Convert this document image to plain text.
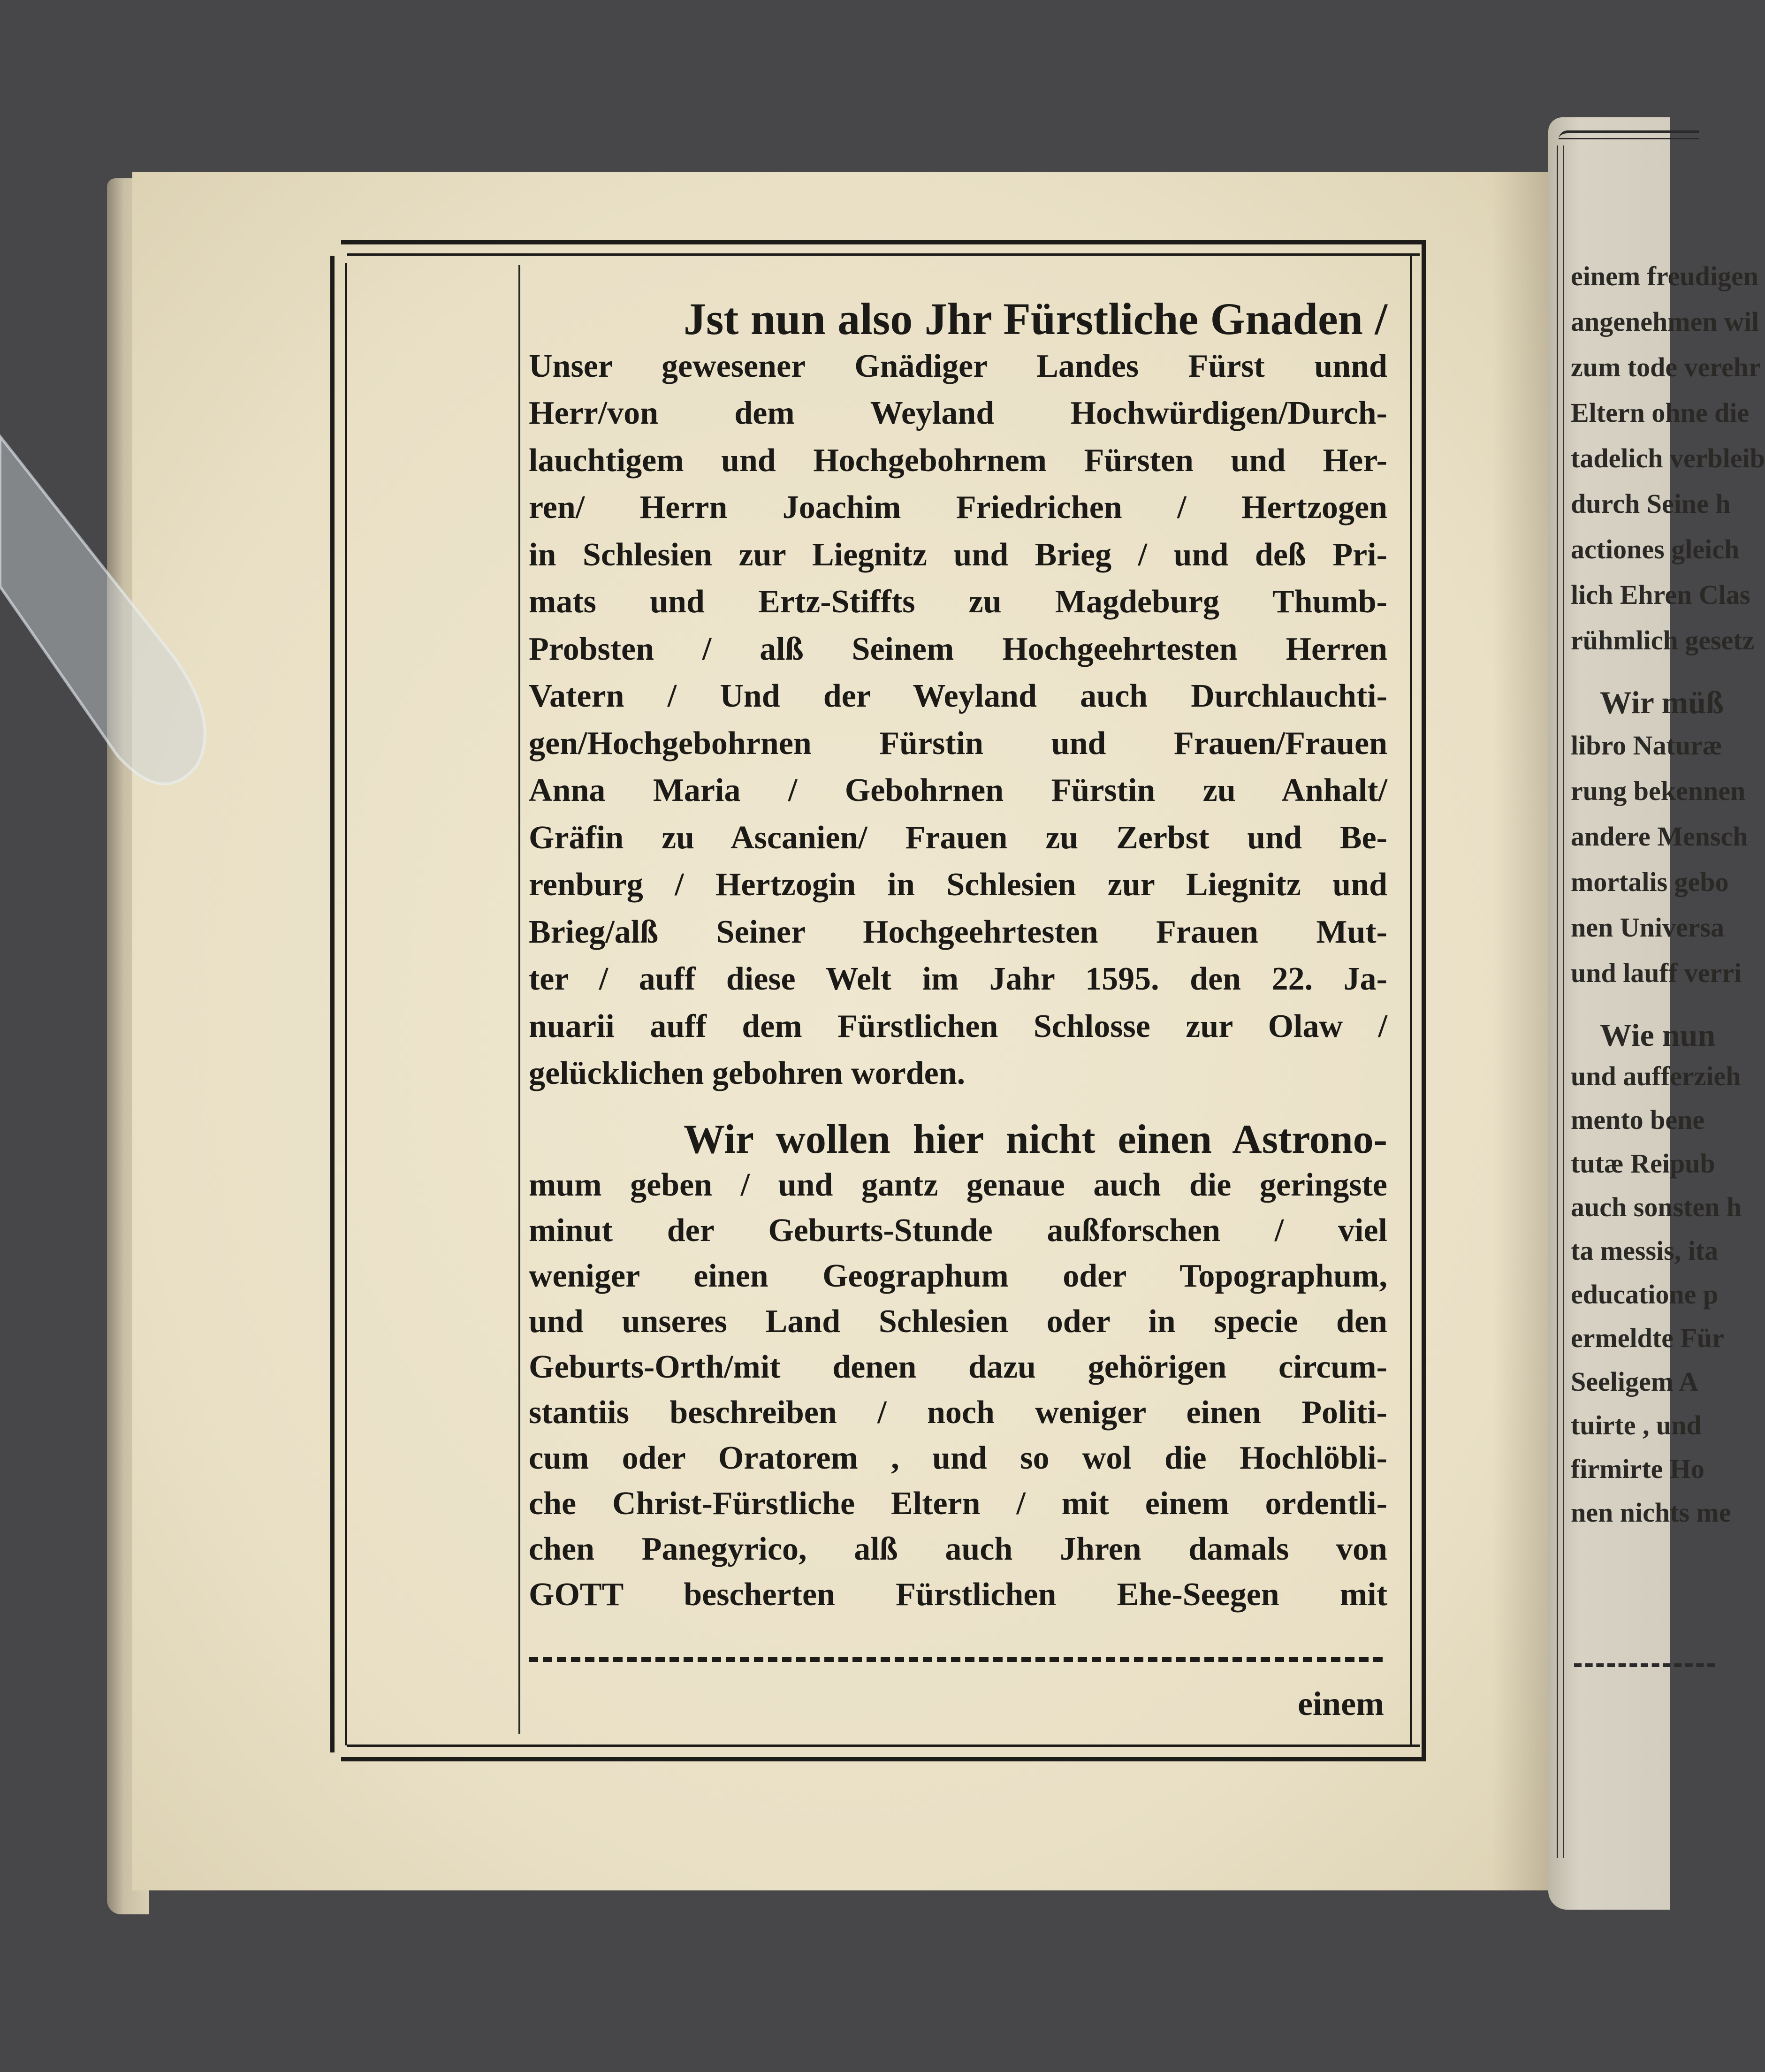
einem freudigen
angenehmen wil
zum tode verehr
Eltern ohne die
tadelich verbleib
durch Seine h
actiones gleich
lich Ehren Clas
rühmlich gesetz
Wir müß
libro Naturæ
rung bekennen
andere Mensch
mortalis gebo
nen Universa
und lauff verri
Wie nun
und aufferzieh
mento bene
tutæ Reipub
auch sonsten h
ta messis, ita
educatione p
ermeldte Für
Seeligem A
tuirte , und
firmirte Ho
nen nichts me
Jst nun also Jhr Fürstliche Gnaden /
Unser gewesener Gnädiger Landes Fürst unnd
Herr/von dem Weyland Hochwürdigen/Durch-
lauchtigem und Hochgebohrnem Fürsten und Her-
ren/ Herrn Joachim Friedrichen / Hertzogen
in Schlesien zur Liegnitz und Brieg / und deß Pri-
mats und Ertz-Stiffts zu Magdeburg Thumb-
Probsten / alß Seinem Hochgeehrtesten Herren
Vatern / Und der Weyland auch Durchlauchti-
gen/Hochgebohrnen Fürstin und Frauen/Frauen
Anna Maria / Gebohrnen Fürstin zu Anhalt/
Gräfin zu Ascanien/ Frauen zu Zerbst und Be-
renburg / Hertzogin in Schlesien zur Liegnitz und
Brieg/alß Seiner Hochgeehrtesten Frauen Mut-
ter / auff diese Welt im Jahr 1595. den 22. Ja-
nuarii auff dem Fürstlichen Schlosse zur Olaw /
gelücklichen gebohren worden.
Wir wollen hier nicht einen Astrono-
mum geben / und gantz genaue auch die geringste
minut der Geburts-Stunde außforschen / viel
weniger einen Geographum oder Topographum,
und unseres Land Schlesien oder in specie den
Geburts-Orth/mit denen dazu gehörigen circum-
stantiis beschreiben / noch weniger einen Politi-
cum oder Oratorem , und so wol die Hochlöbli-
che Christ-Fürstliche Eltern / mit einem ordentli-
chen Panegyrico, alß auch Jhren damals von
GOTT bescherten Fürstlichen Ehe-Seegen mit
einem
